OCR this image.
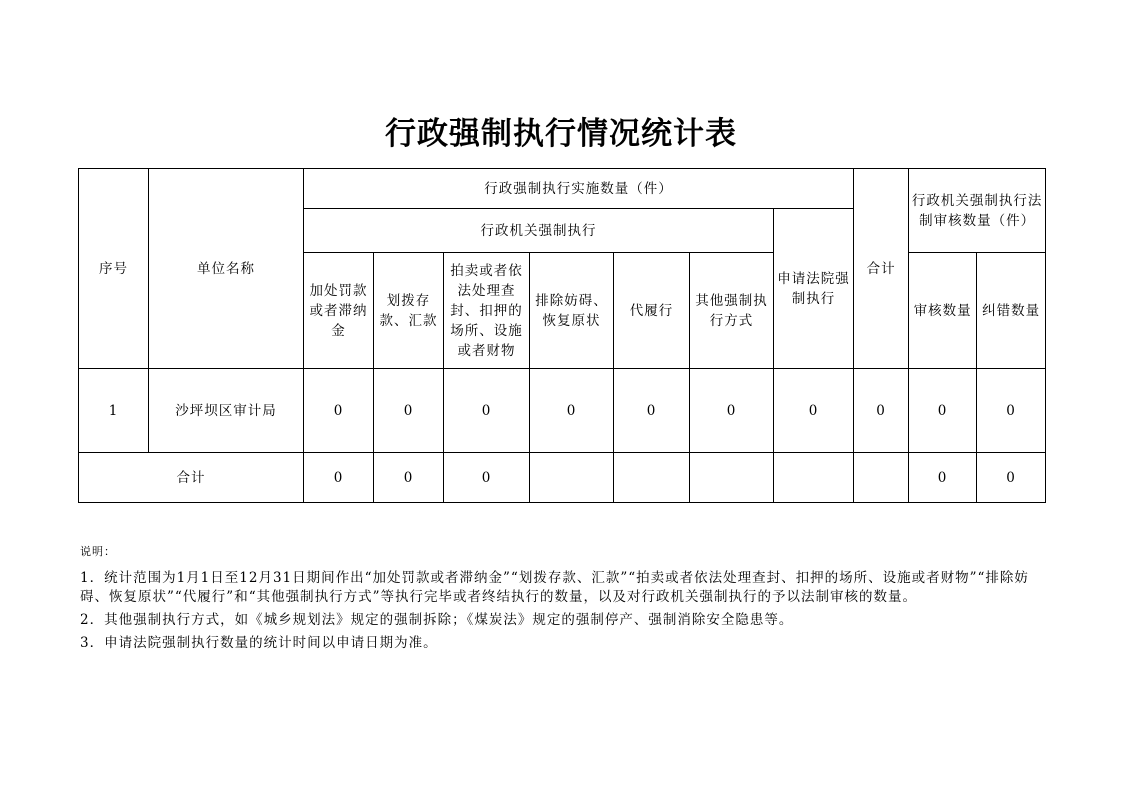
行政强制执行情况统计表
序号	单位名称	行政强制执行实施数量（件）							合计	行政机关强制执行法制审核数量（件）	
		行政机关强制执行						申请法院强制执行			
		加处罚款或者滞纳金	划拨存款、汇款	拍卖或者依法处理查封、扣押的场所、设施或者财物	排除妨碍、恢复原状	代履行	其他强制执行方式			审核数量	纠错数量
1	沙坪坝区审计局	0	0	0	0	0	0	0	0	0	0
合计		0	0	0						0	0
说明：

1．统计范围为1月1日至12月31日期间作出“加处罚款或者滞纳金”“划拨存款、汇款”“拍卖或者依法处理查封、扣押的场所、设施或者财物”“排除妨碍、恢复原状”“代履行”和“其他强制执行方式”等执行完毕或者终结执行的数量，以及对行政机关强制执行的予以法制审核的数量。

2．其他强制执行方式，如《城乡规划法》规定的强制拆除；《煤炭法》规定的强制停产、强制消除安全隐患等。

3．申请法院强制执行数量的统计时间以申请日期为准。
